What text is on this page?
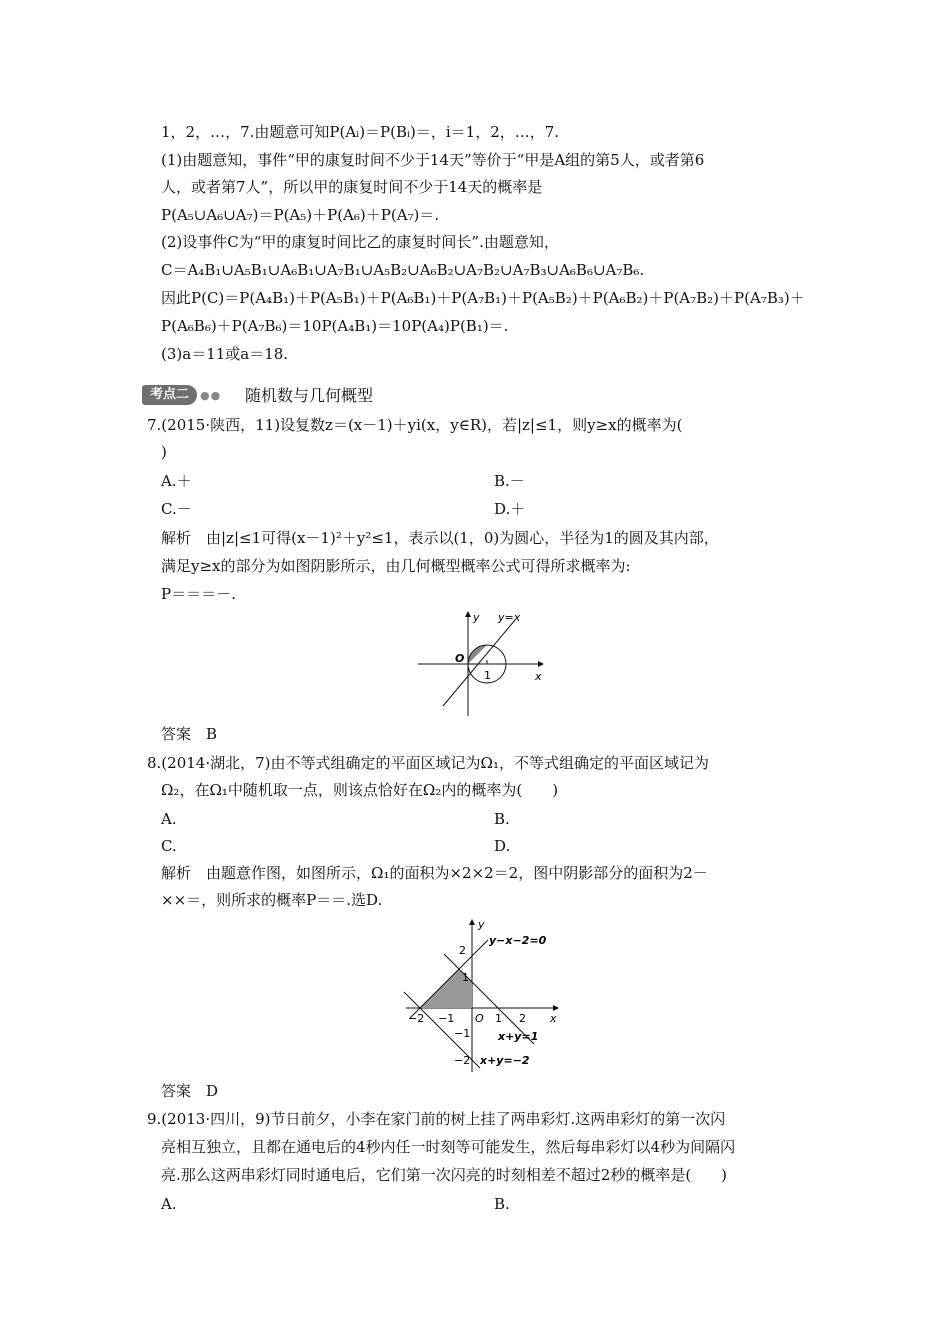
1，2，…，7.由题意可知P(Aᵢ)＝P(Bᵢ)＝，i＝1，2，…，7.
(1)由题意知，事件“甲的康复时间不少于14天”等价于“甲是A组的第5人，或者第6
人，或者第7人”，所以甲的康复时间不少于14天的概率是
P(A₅∪A₆∪A₇)＝P(A₅)＋P(A₆)＋P(A₇)＝.
(2)设事件C为“甲的康复时间比乙的康复时间长”.由题意知，
C＝A₄B₁∪A₅B₁∪A₆B₁∪A₇B₁∪A₅B₂∪A₆B₂∪A₇B₂∪A₇B₃∪A₆B₆∪A₇B₆.
因此P(C)＝P(A₄B₁)＋P(A₅B₁)＋P(A₆B₁)＋P(A₇B₁)＋P(A₅B₂)＋P(A₆B₂)＋P(A₇B₂)＋P(A₇B₃)＋
P(A₆B₆)＋P(A₇B₆)＝10P(A₄B₁)＝10P(A₄)P(B₁)＝.
(3)a＝11或a＝18.
考点二	●● 随机数与几何概型
7.(2015·陕西，11)设复数z＝(x－1)＋yi(x，y∈R)，若|z|≤1，则y≥x的概率为(
)
A.＋	B.－
C.－	D.＋
解析　由|z|≤1可得(x－1)²＋y²≤1，表示以(1，0)为圆心，半径为1的圆及其内部，
满足y≥x的部分为如图阴影所示，由几何概型概率公式可得所求概率为:
P＝＝＝－.
y y=x
O
1	x
答案　B
8.(2014·湖北，7)由不等式组确定的平面区域记为Ω₁，不等式组确定的平面区域记为
Ω₂，在Ω₁中随机取一点，则该点恰好在Ω₂内的概率为(　　)
A.	B.
C.	D.
解析　由题意作图，如图所示，Ω₁的面积为×2×2＝2，图中阴影部分的面积为2－
××＝，则所求的概率P＝＝.选D.
y
x
2
1
−1
−2
−2 −1 O 1 2
y−x−2=0
x+y=1
x+y=−2
答案　D
9.(2013·四川，9)节日前夕，小李在家门前的树上挂了两串彩灯.这两串彩灯的第一次闪
亮相互独立，且都在通电后的4秒内任一时刻等可能发生，然后每串彩灯以4秒为间隔闪
亮.那么这两串彩灯同时通电后，它们第一次闪亮的时刻相差不超过2秒的概率是(　　)
A.	B.
